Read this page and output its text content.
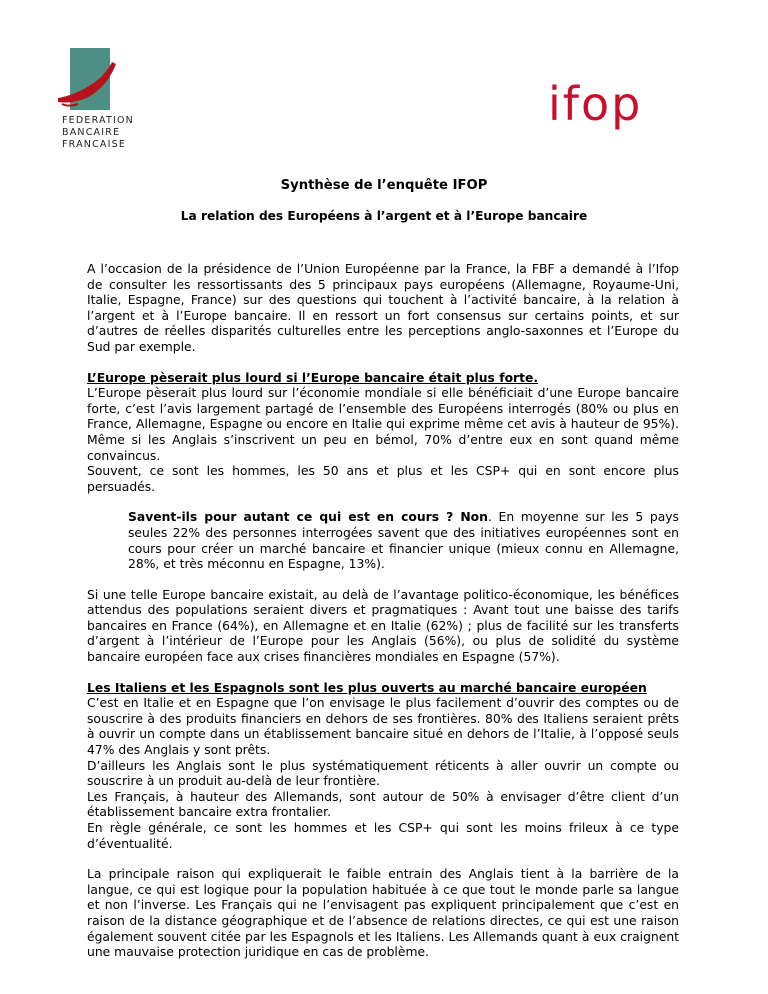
FEDERATION
BANCAIRE
FRANCAISE
ifop
Synthèse de l’enquête IFOP
La relation des Européens à l’argent et à l’Europe bancaire

A l’occasion de la présidence de l’Union Européenne par la France, la FBF a demandé à l’Ifop de consulter les ressortissants des 5 principaux pays européens (Allemagne, Royaume-Uni, Italie, Espagne, France) sur des questions qui touchent à l’activité bancaire, à la relation à l’argent et à l’Europe bancaire. Il en ressort un fort consensus sur certains points, et sur d’autres de réelles disparités culturelles entre les perceptions anglo-saxonnes et l’Europe du Sud par exemple.

L’Europe pèserait plus lourd si l’Europe bancaire était plus forte.

L’Europe pèserait plus lourd sur l’économie mondiale si elle bénéficiait d’une Europe bancaire forte, c’est l’avis largement partagé de l’ensemble des Européens interrogés (80% ou plus en France, Allemagne, Espagne ou encore en Italie qui exprime même cet avis à hauteur de 95%). Même si les Anglais s’inscrivent un peu en bémol, 70% d’entre eux en sont quand même convaincus.

Souvent, ce sont les hommes, les 50 ans et plus et les CSP+ qui en sont encore plus persuadés.

Savent-ils pour autant ce qui est en cours ? Non. En moyenne sur les 5 pays seules 22% des personnes interrogées savent que des initiatives européennes sont en cours pour créer un marché bancaire et financier unique (mieux connu en Allemagne, 28%, et très méconnu en Espagne, 13%).

Si une telle Europe bancaire existait, au delà de l’avantage politico-économique, les bénéfices attendus des populations seraient divers et pragmatiques : Avant tout une baisse des tarifs bancaires en France (64%), en Allemagne et en Italie (62%) ; plus de facilité sur les transferts d’argent à l’intérieur de l’Europe pour les Anglais (56%), ou plus de solidité du système bancaire européen face aux crises financières mondiales en Espagne (57%).

Les Italiens et les Espagnols sont les plus ouverts au marché bancaire européen

C’est en Italie et en Espagne que l’on envisage le plus facilement d’ouvrir des comptes ou de souscrire à des produits financiers en dehors de ses frontières. 80% des Italiens seraient prêts à ouvrir un compte dans un établissement bancaire situé en dehors de l’Italie, à l’opposé seuls 47% des Anglais y sont prêts.

D’ailleurs les Anglais sont le plus systématiquement réticents à aller ouvrir un compte ou souscrire à un produit au-delà de leur frontière.

Les Français, à hauteur des Allemands, sont autour de 50% à envisager d’être client d’un établissement bancaire extra frontalier.

En règle générale, ce sont les hommes et les CSP+ qui sont les moins frileux à ce type d’éventualité.

La principale raison qui expliquerait le faible entrain des Anglais tient à la barrière de la langue, ce qui est logique pour la population habituée à ce que tout le monde parle sa langue et non l’inverse. Les Français qui ne l’envisagent pas expliquent principalement que c’est en raison de la distance géographique et de l’absence de relations directes, ce qui est une raison également souvent citée par les Espagnols et les Italiens. Les Allemands quant à eux craignent une mauvaise protection juridique en cas de problème.
